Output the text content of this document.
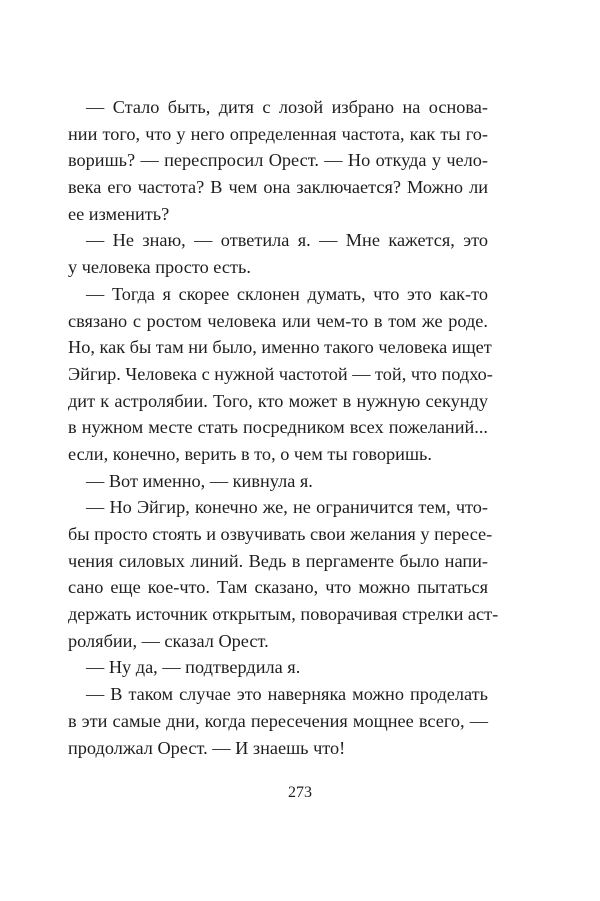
— Стало быть, дитя с лозой избрано на основа-
нии того, что у него определенная частота, как ты го-
воришь? — переспросил Орест. — Но откуда у чело-
века его частота? В чем она заключается? Можно ли
ее изменить?
— Не знаю, — ответила я. — Мне кажется, это
у человека просто есть.
— Тогда я скорее склонен думать, что это как-то
связано с ростом человека или чем-то в том же роде.
Но, как бы там ни было, именно такого человека ищет
Эйгир. Человека с нужной частотой — той, что подхо-
дит к астролябии. Того, кто может в нужную секунду
в нужном месте стать посредником всех пожеланий...
если, конечно, верить в то, о чем ты говоришь.
— Вот именно, — кивнула я.
— Но Эйгир, конечно же, не ограничится тем, что-
бы просто стоять и озвучивать свои желания у пересе-
чения силовых линий. Ведь в пергаменте было напи-
сано еще кое-что. Там сказано, что можно пытаться
держать источник открытым, поворачивая стрелки аст-
ролябии, — сказал Орест.
— Ну да, — подтвердила я.
— В таком случае это наверняка можно проделать
в эти самые дни, когда пересечения мощнее всего, —
продолжал Орест. — И знаешь что!
273
